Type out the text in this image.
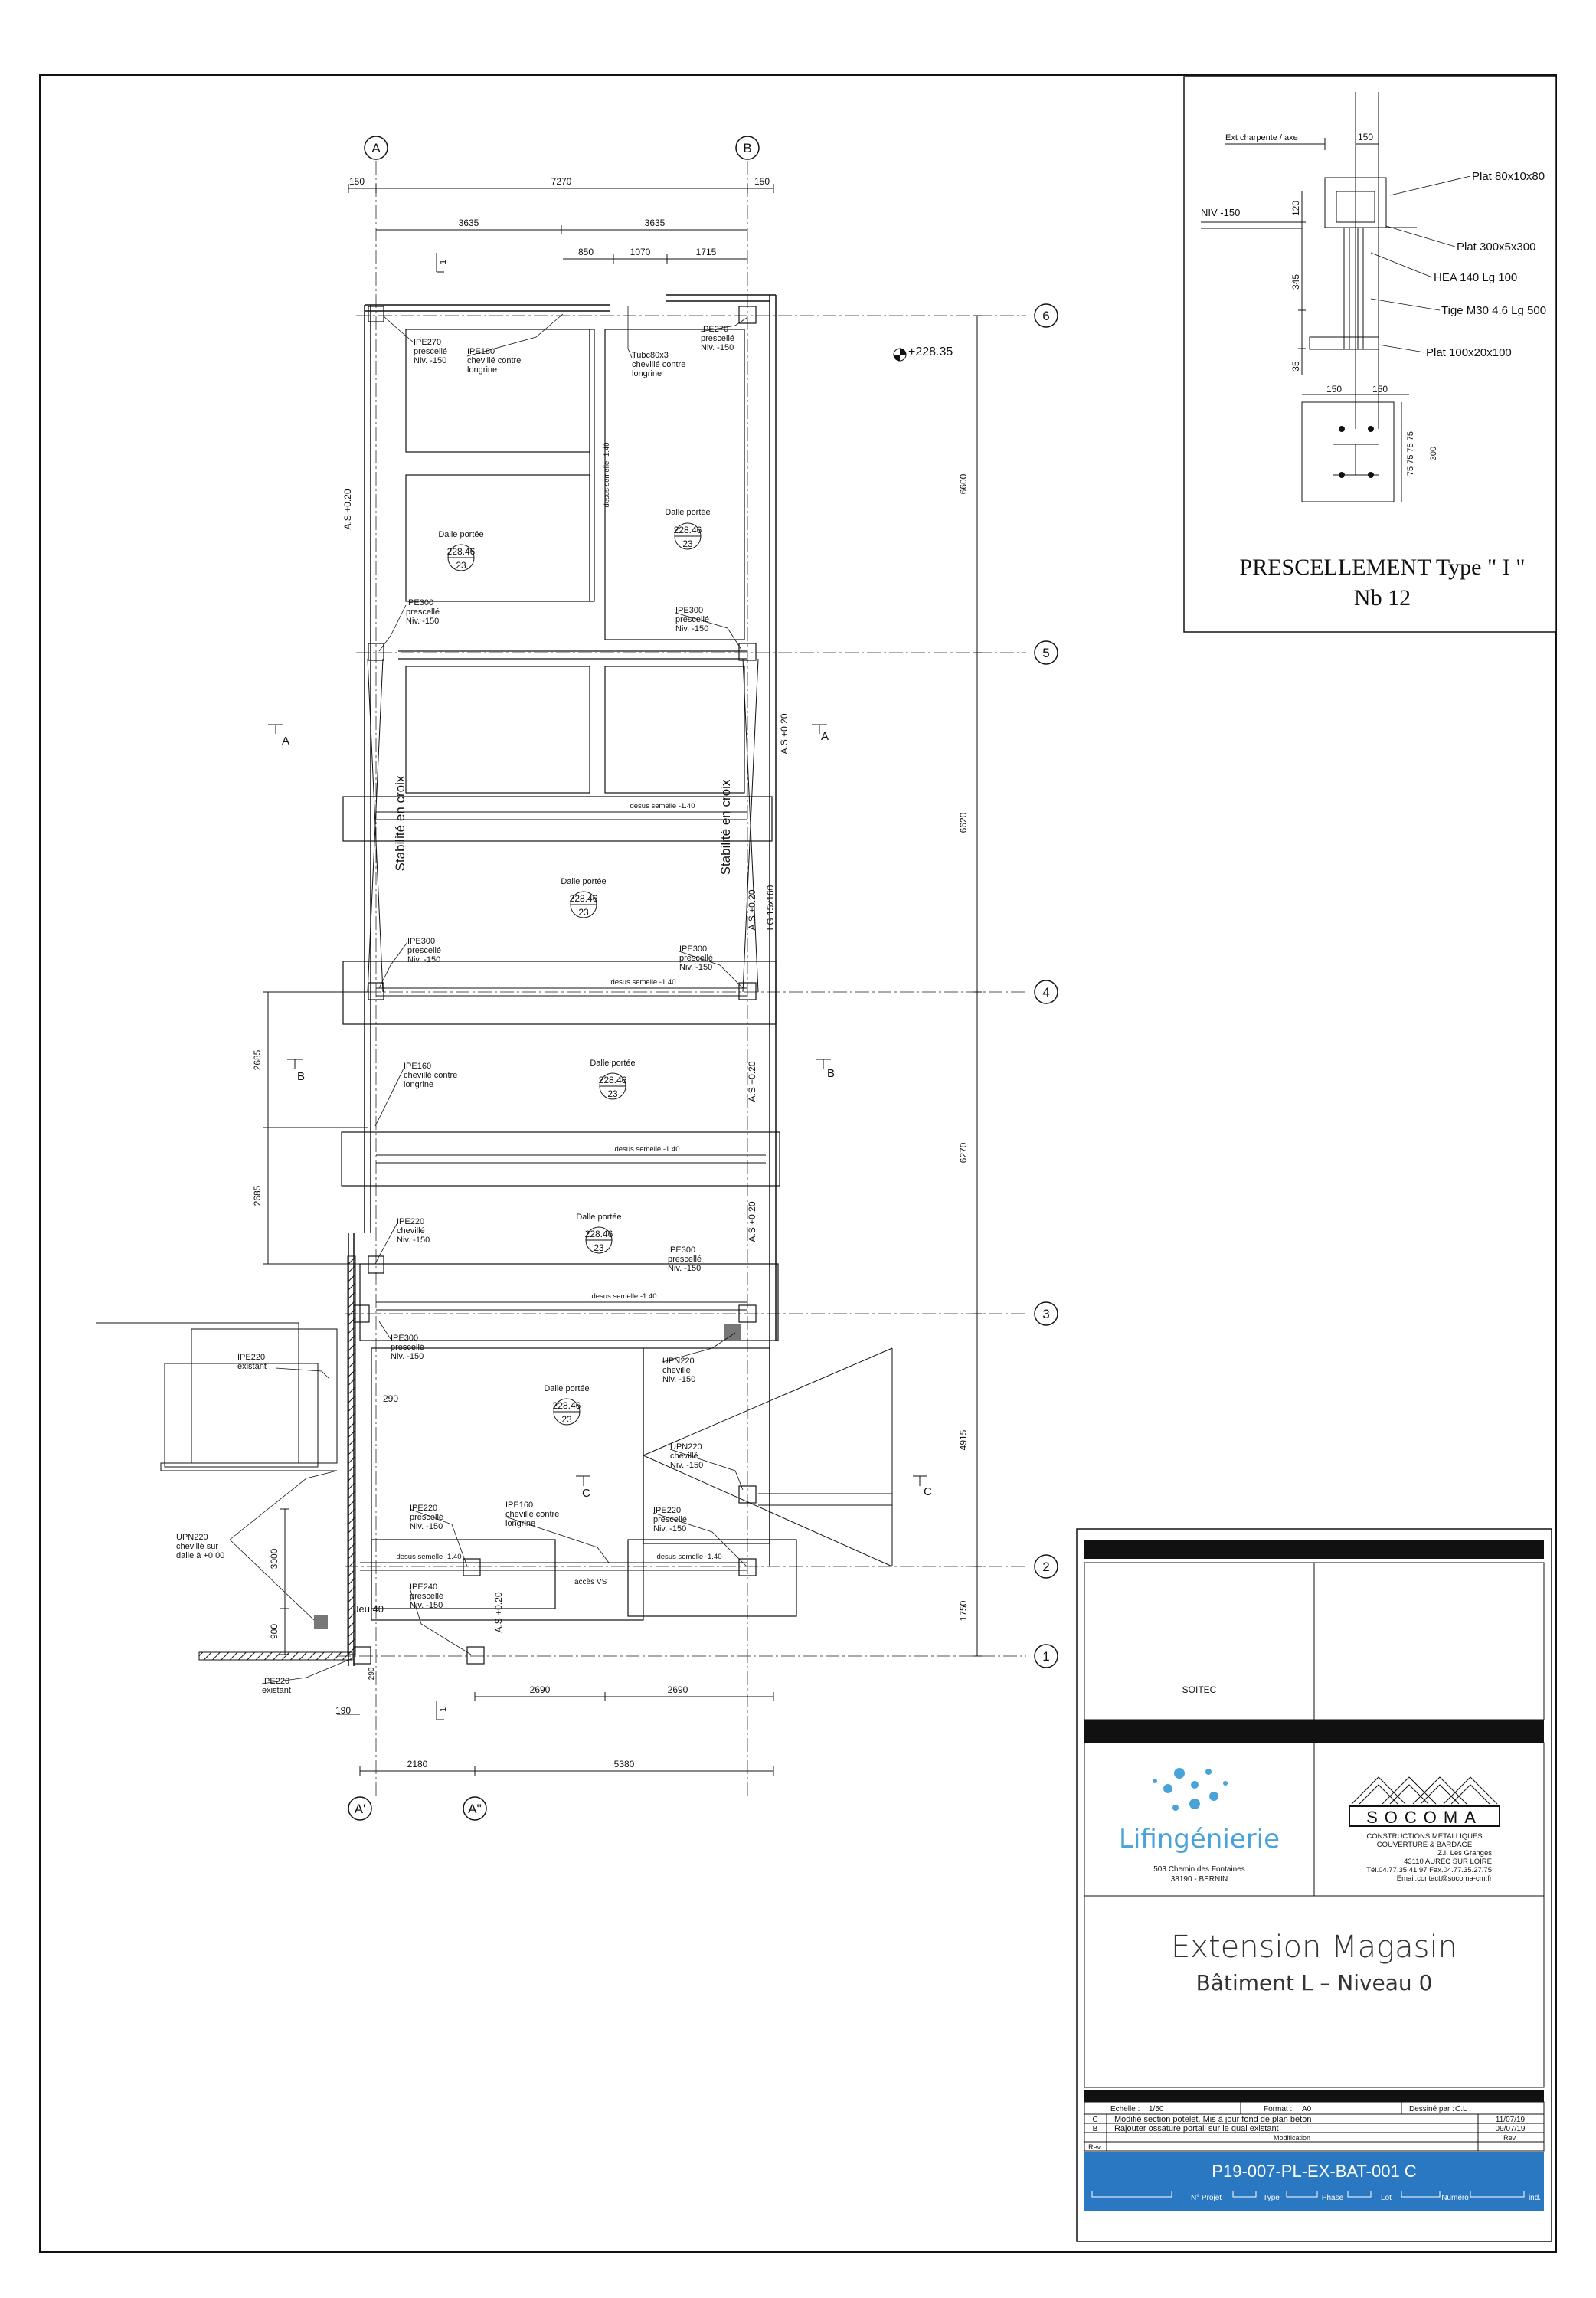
A	B
A'	A''
6
5
4
3
2
1
150	7270	150
3635	3635
850	1070	1715
6600
6620
6270
4915
1750
2685
2685
3000
900
2690	2690
2180	5380
190
290
290
IPE270 prescellé Niv. -150
IPE180 chevillé contre longrine
Tubc80x3 chevillé contre longrine
IPE270 prescellé Niv. -150
IPE300 prescellé Niv. -150
IPE300 prescellé Niv. -150
IPE300 prescellé Niv. -150
IPE300 prescellé Niv. -150
IPE160 chevillé contre longrine
IPE220 chevillé Niv. -150
IPE300 prescellé Niv. -150
IPE300 prescellé Niv. -150
IPE220 existant
UPN220 chevillé Niv. -150
UPN220 chevillé Niv. -150
UPN220 chevillé sur dalle à +0.00
IPE220 prescellé Niv. -150
IPE160 chevillé contre longrine
IPE220 prescellé Niv. -150
IPE240 prescellé Niv. -150
IPE220 existant
Jeu 40
accès VS
+228.35
Stabilité en croix	Stabilité en croix
A.S +0.20
A.S +0.20
A.S +0.20
A.S +0.20
A.S +0.20
A.S +0.20
LG 15x160
desus semelle -1.40
desus semelle -1.40
desus semelle -1.40
desus semelle -1.40
desus semelle -1.40	desus semelle -1.40
desus semelle -1.40
Dalle portée
228.46
23
Dalle portée
228.46
23
Dalle portée
228.46
23
Dalle portée
228.46
23
Dalle portée
228.46
23
Dalle portée
228.46
23
A	A
B	B
C	C
1
1
Ext charpente / axe	150
NIV -150	120
345
35
Plat 80x10x80
Plat 300x5x300
HEA 140 Lg 100
Tige M30 4.6 Lg 500
Plat 100x20x100
150	150
75 75 75 75 300
PRESCELLEMENT Type " I "
Nb 12
SOITEC
Lifingénierie
503 Chemin des Fontaines
38190 - BERNIN
SOCOMA
CONSTRUCTIONS METALLIQUES
COUVERTURE & BARDAGE
Z.I. Les Granges
43110 AUREC SUR LOIRE
Tél.04.77.35.41.97 Fax.04.77.35.27.75
Email:contact@socoma-cm.fr
Extension Magasin
Bâtiment L – Niveau 0
Echelle : 1/50	Format : A0	Dessiné par : C.L
C Modifié section potelet. Mis à jour fond de plan béton	11/07/19
B Rajouter ossature portail sur le quai existant	09/07/19
Rev.
Modification	Rev.
P19-007-PL-EX-BAT-001 C
N° Projet	Type	Phase	Lot	Numéro	ind.
